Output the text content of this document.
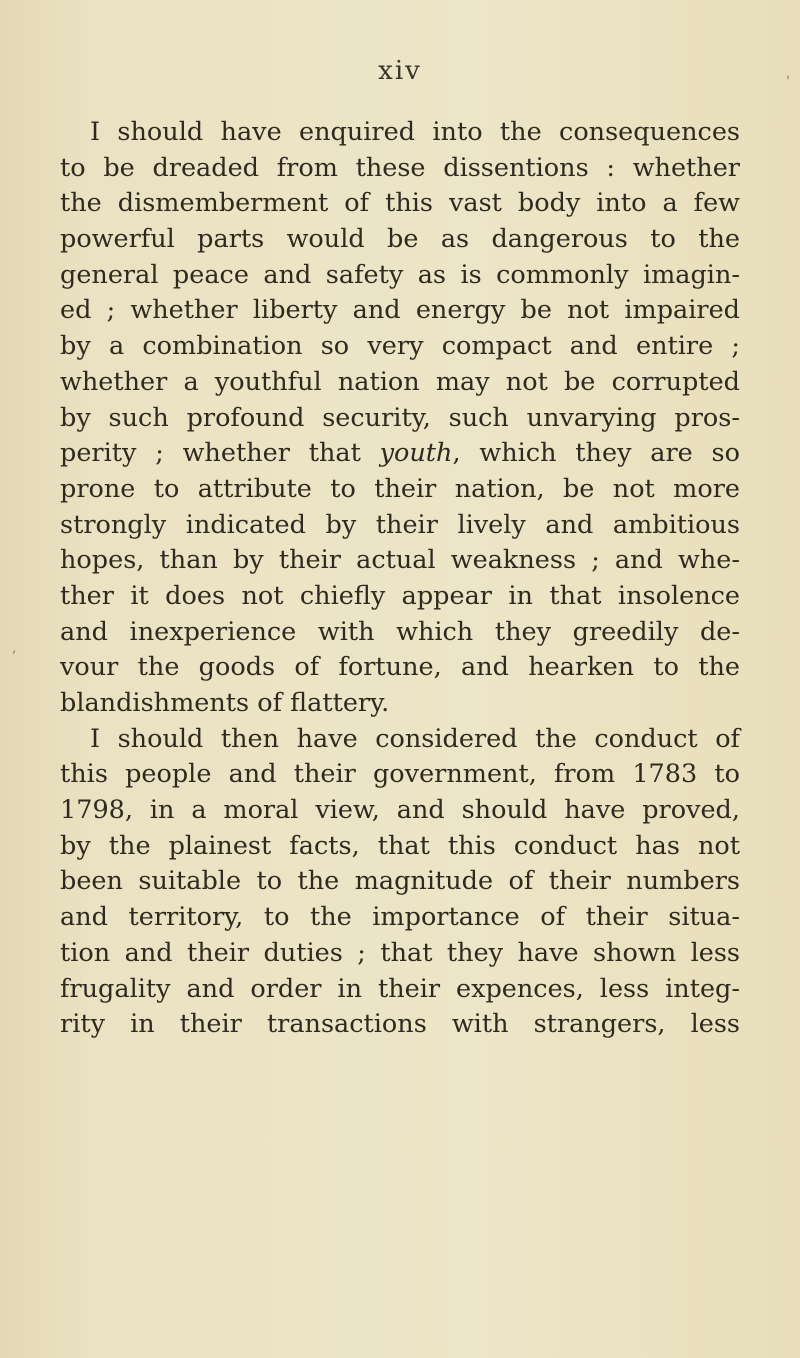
xiv	'
,
I should have enquired into the consequences
to be dreaded from these dissentions : whether
the dismemberment of this vast body into a few
powerful parts would be as dangerous to the
general peace and safety as is commonly imagin-
ed ; whether liberty and energy be not impaired
by a combination so very compact and entire ;
whether a youthful nation may not be corrupted
by such profound security, such unvarying pros-
perity ; whether that youth, which they are so
prone to attribute to their nation, be not more
strongly indicated by their lively and ambitious
hopes, than by their actual weakness ; and whe-
ther it does not chiefly appear in that insolence
and inexperience with which they greedily de-
vour the goods of fortune, and hearken to the
blandishments of flattery.
I should then have considered the conduct of
this people and their government, from 1783 to
1798, in a moral view, and should have proved,
by the plainest facts, that this conduct has not
been suitable to the magnitude of their numbers
and territory, to the importance of their situa-
tion and their duties ; that they have shown less
frugality and order in their expences, less integ-
rity in their transactions with strangers, less
